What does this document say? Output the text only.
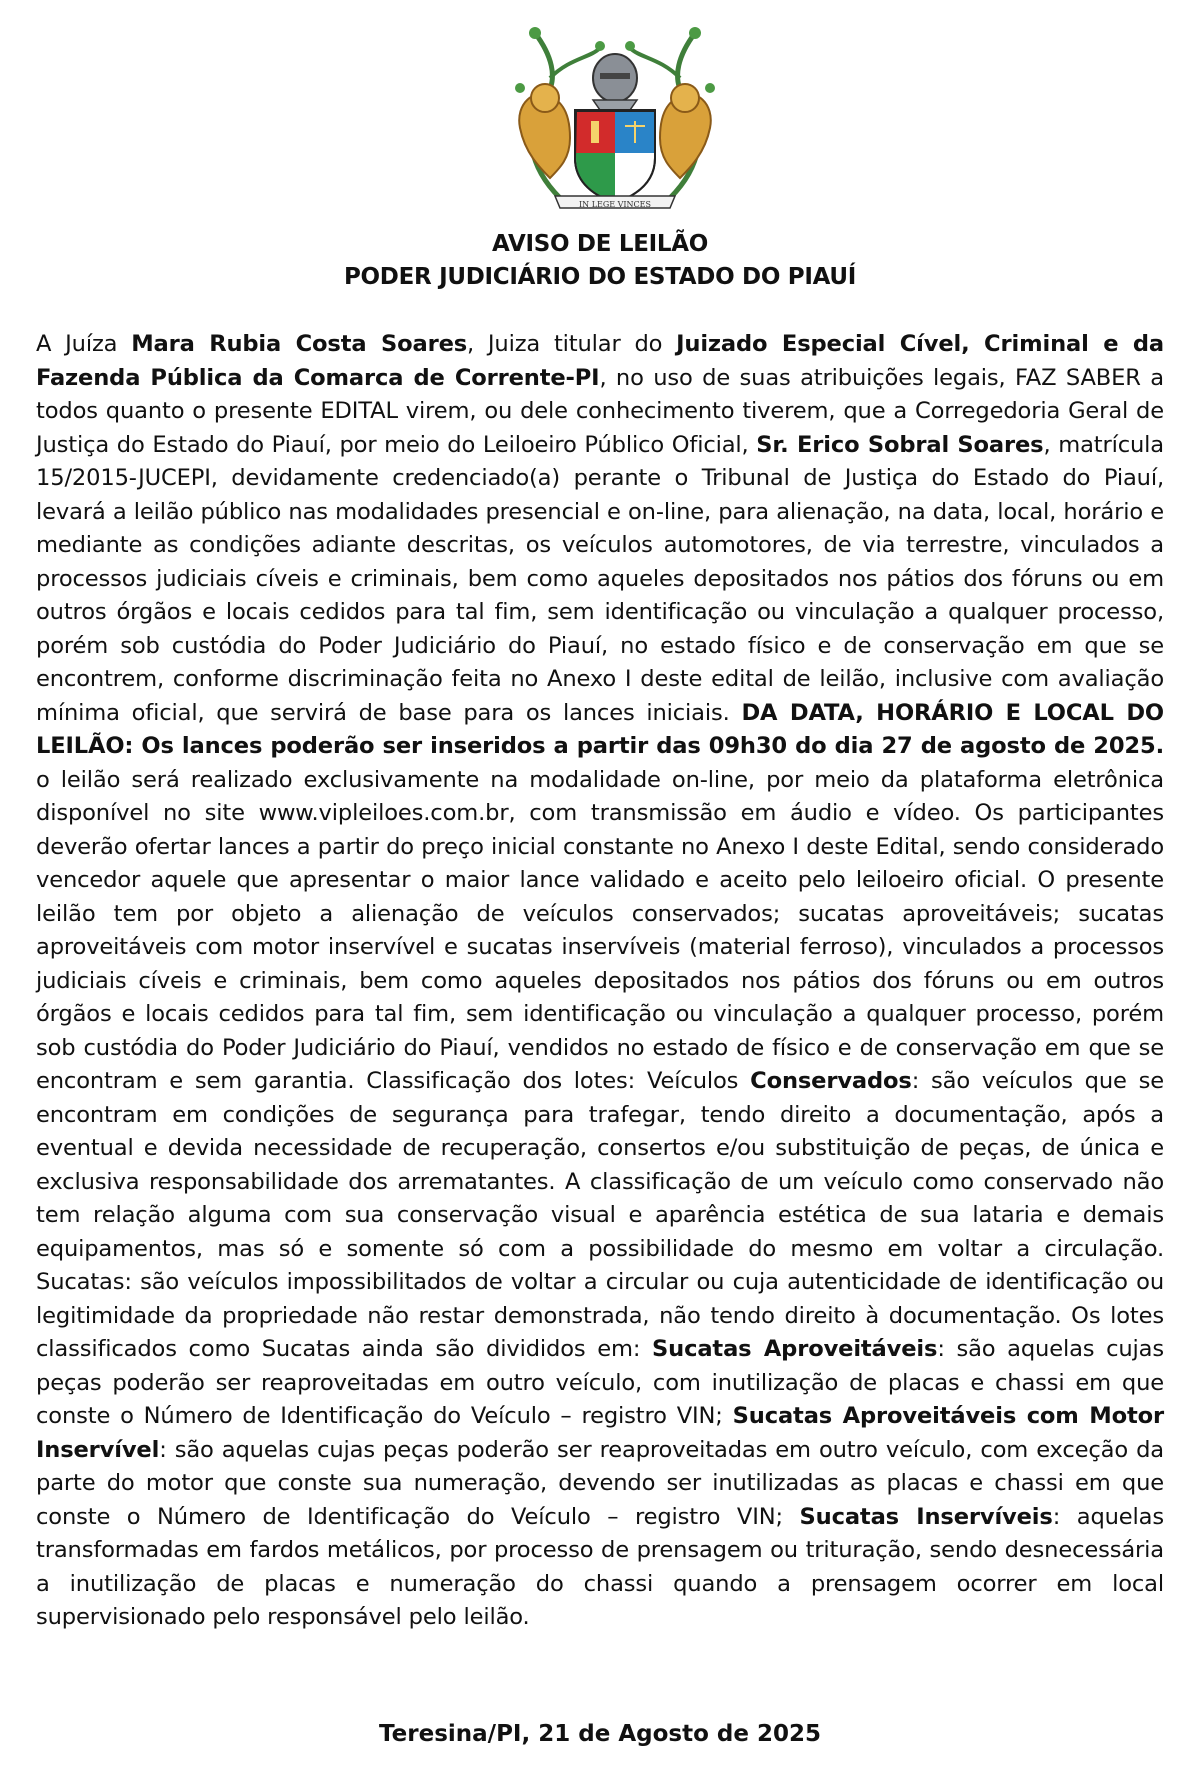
IN LEGE VINCES
AVISO DE LEILÃO
PODER JUDICIÁRIO DO ESTADO DO PIAUÍ
A Juíza Mara Rubia Costa Soares, Juiza titular do Juizado Especial Cível, Criminal e da Fazenda Pública da Comarca de Corrente-PI, no uso de suas atribuições legais, FAZ SABER a todos quanto o presente EDITAL virem, ou dele conhecimento tiverem, que a Corregedoria Geral de Justiça do Estado do Piauí, por meio do Leiloeiro Público Oficial, Sr. Erico Sobral Soares, matrícula 15/2015-JUCEPI, devidamente credenciado(a) perante o Tribunal de Justiça do Estado do Piauí, levará a leilão público nas modalidades presencial e on-line, para alienação, na data, local, horário e mediante as condições adiante descritas, os veículos automotores, de via terrestre, vinculados a processos judiciais cíveis e criminais, bem como aqueles depositados nos pátios dos fóruns ou em outros órgãos e locais cedidos para tal fim, sem identificação ou vinculação a qualquer processo, porém sob custódia do Poder Judiciário do Piauí, no estado físico e de conservação em que se encontrem, conforme discriminação feita no Anexo I deste edital de leilão, inclusive com avaliação mínima oficial, que servirá de base para os lances iniciais. DA DATA, HORÁRIO E LOCAL DO LEILÃO: Os lances poderão ser inseridos a partir das 09h30 do dia 27 de agosto de 2025. o leilão será realizado exclusivamente na modalidade on-line, por meio da plataforma eletrônica disponível no site www.vipleiloes.com.br, com transmissão em áudio e vídeo. Os participantes deverão ofertar lances a partir do preço inicial constante no Anexo I deste Edital, sendo considerado vencedor aquele que apresentar o maior lance validado e aceito pelo leiloeiro oficial. O presente leilão tem por objeto a alienação de veículos conservados; sucatas aproveitáveis; sucatas aproveitáveis com motor inservível e sucatas inservíveis (material ferroso), vinculados a processos judiciais cíveis e criminais, bem como aqueles depositados nos pátios dos fóruns ou em outros órgãos e locais cedidos para tal fim, sem identificação ou vinculação a qualquer processo, porém sob custódia do Poder Judiciário do Piauí, vendidos no estado de físico e de conservação em que se encontram e sem garantia. Classificação dos lotes: Veículos Conservados: são veículos que se encontram em condições de segurança para trafegar, tendo direito a documentação, após a eventual e devida necessidade de recuperação, consertos e/ou substituição de peças, de única e exclusiva responsabilidade dos arrematantes. A classificação de um veículo como conservado não tem relação alguma com sua conservação visual e aparência estética de sua lataria e demais equipamentos, mas só e somente só com a possibilidade do mesmo em voltar a circulação. Sucatas: são veículos impossibilitados de voltar a circular ou cuja autenticidade de identificação ou legitimidade da propriedade não restar demonstrada, não tendo direito à documentação. Os lotes classificados como Sucatas ainda são divididos em: Sucatas Aproveitáveis: são aquelas cujas peças poderão ser reaproveitadas em outro veículo, com inutilização de placas e chassi em que conste o Número de Identificação do Veículo – registro VIN; Sucatas Aproveitáveis com Motor Inservível: são aquelas cujas peças poderão ser reaproveitadas em outro veículo, com exceção da parte do motor que conste sua numeração, devendo ser inutilizadas as placas e chassi em que conste o Número de Identificação do Veículo – registro VIN; Sucatas Inservíveis: aquelas transformadas em fardos metálicos, por processo de prensagem ou trituração, sendo desnecessária a inutilização de placas e numeração do chassi quando a prensagem ocorrer em local supervisionado pelo responsável pelo leilão.
Teresina/PI, 21 de Agosto de 2025
